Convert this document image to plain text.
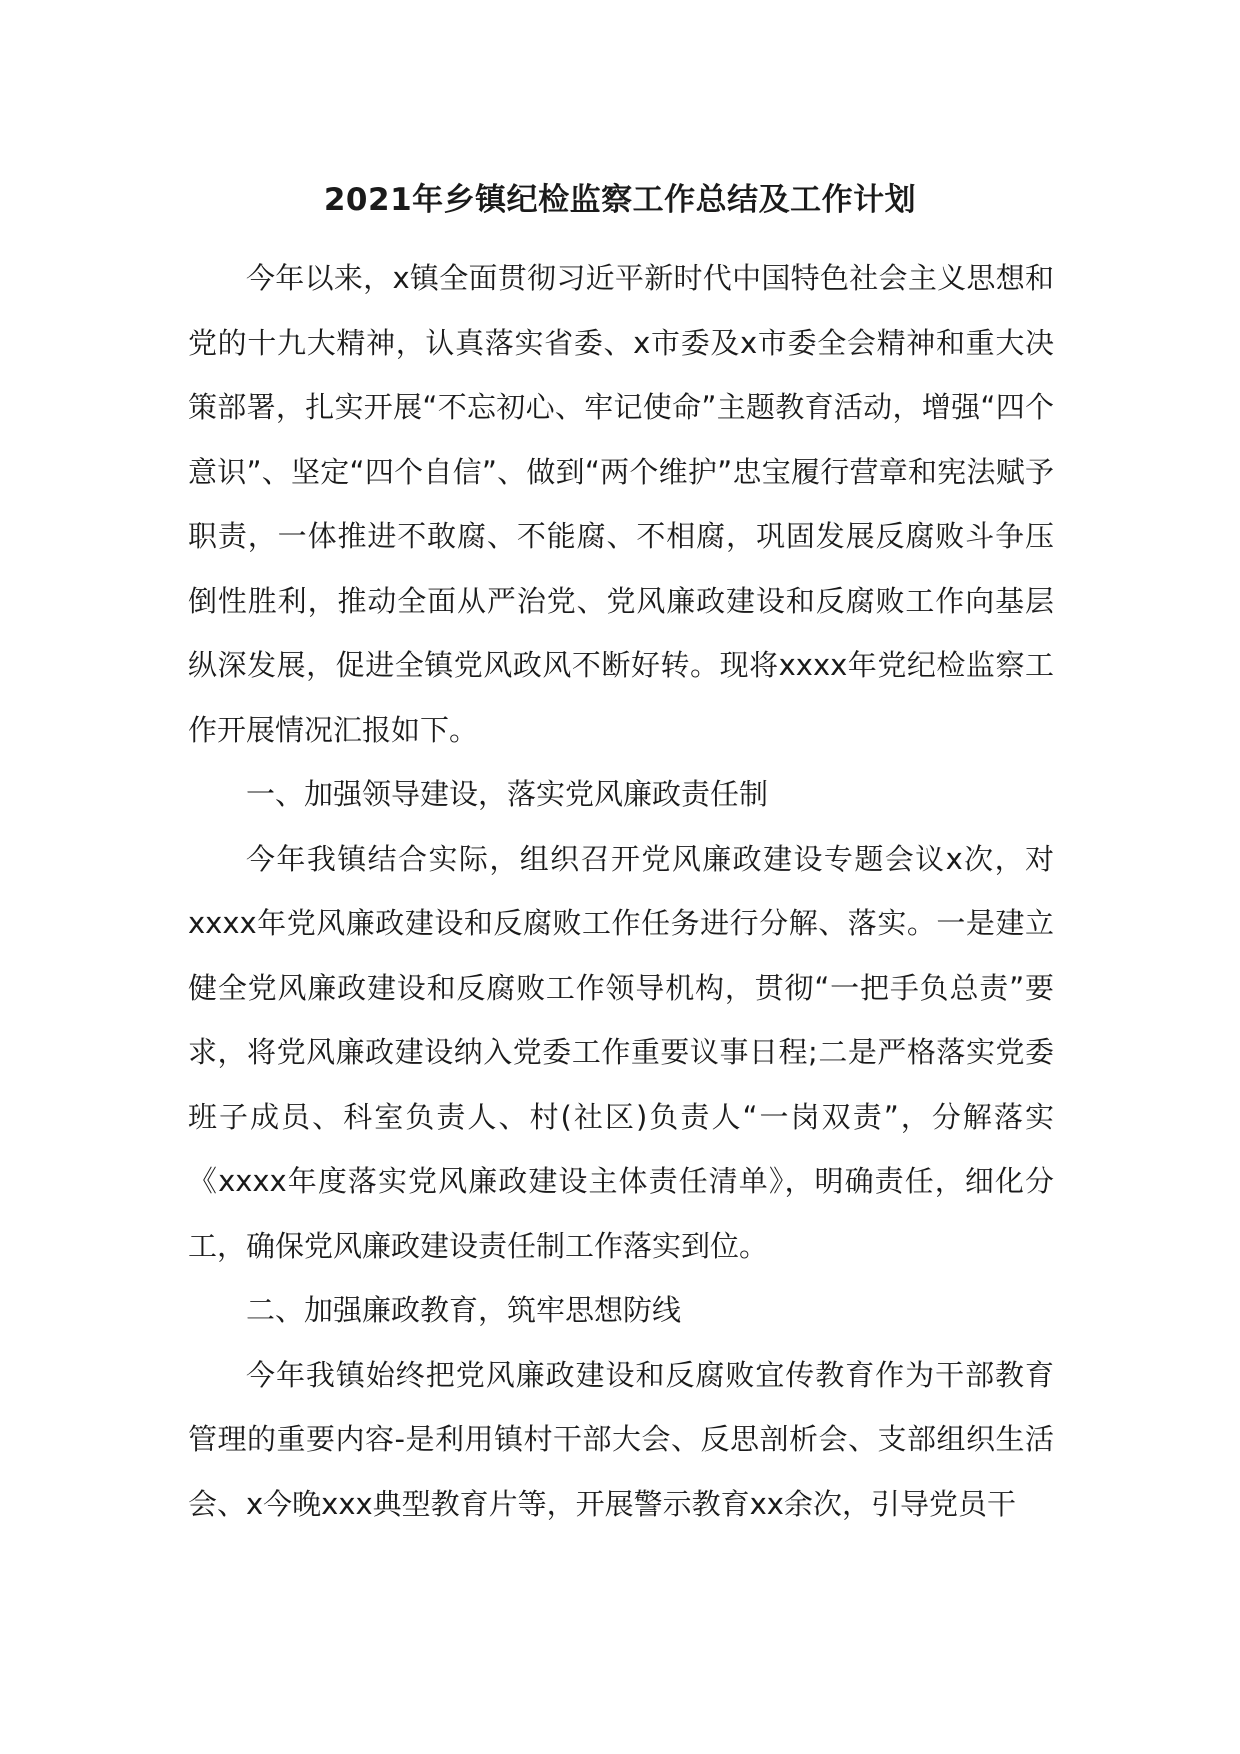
2021年乡镇纪检监察工作总结及工作计划

今年以来，x镇全面贯彻习近平新时代中国特色社会主义思想和党的十九大精神，认真落实省委、x市委及x市委全会精神和重大决策部署，扎实开展“不忘初心、牢记使命”主题教育活动，增强“四个意识”、坚定“四个自信”、做到“两个维护”忠宝履行营章和宪法赋予职责，一体推进不敢腐、不能腐、不相腐，巩固发展反腐败斗争压倒性胜利，推动全面从严治党、党风廉政建设和反腐败工作向基层纵深发展，促进全镇党风政风不断好转。现将xxxx年党纪检监察工作开展情况汇报如下。

一、加强领导建设，落实党风廉政责任制

今年我镇结合实际，组织召开党风廉政建设专题会议x次，对xxxx年党风廉政建设和反腐败工作任务进行分解、落实。一是建立健全党风廉政建设和反腐败工作领导机构，贯彻“一把手负总责”要求，将党风廉政建设纳入党委工作重要议事日程;二是严格落实党委班子成员、科室负责人、村(社区)负责人“一岗双责”，分解落实《xxxx年度落实党风廉政建设主体责任清单》，明确责任，细化分工，确保党风廉政建设责任制工作落实到位。

二、加强廉政教育，筑牢思想防线

今年我镇始终把党风廉政建设和反腐败宜传教育作为干部教育管理的重要内容-是利用镇村干部大会、反思剖析会、支部组织生活会、x今晚xxx典型教育片等，开展警示教育xx余次，引导党员干
